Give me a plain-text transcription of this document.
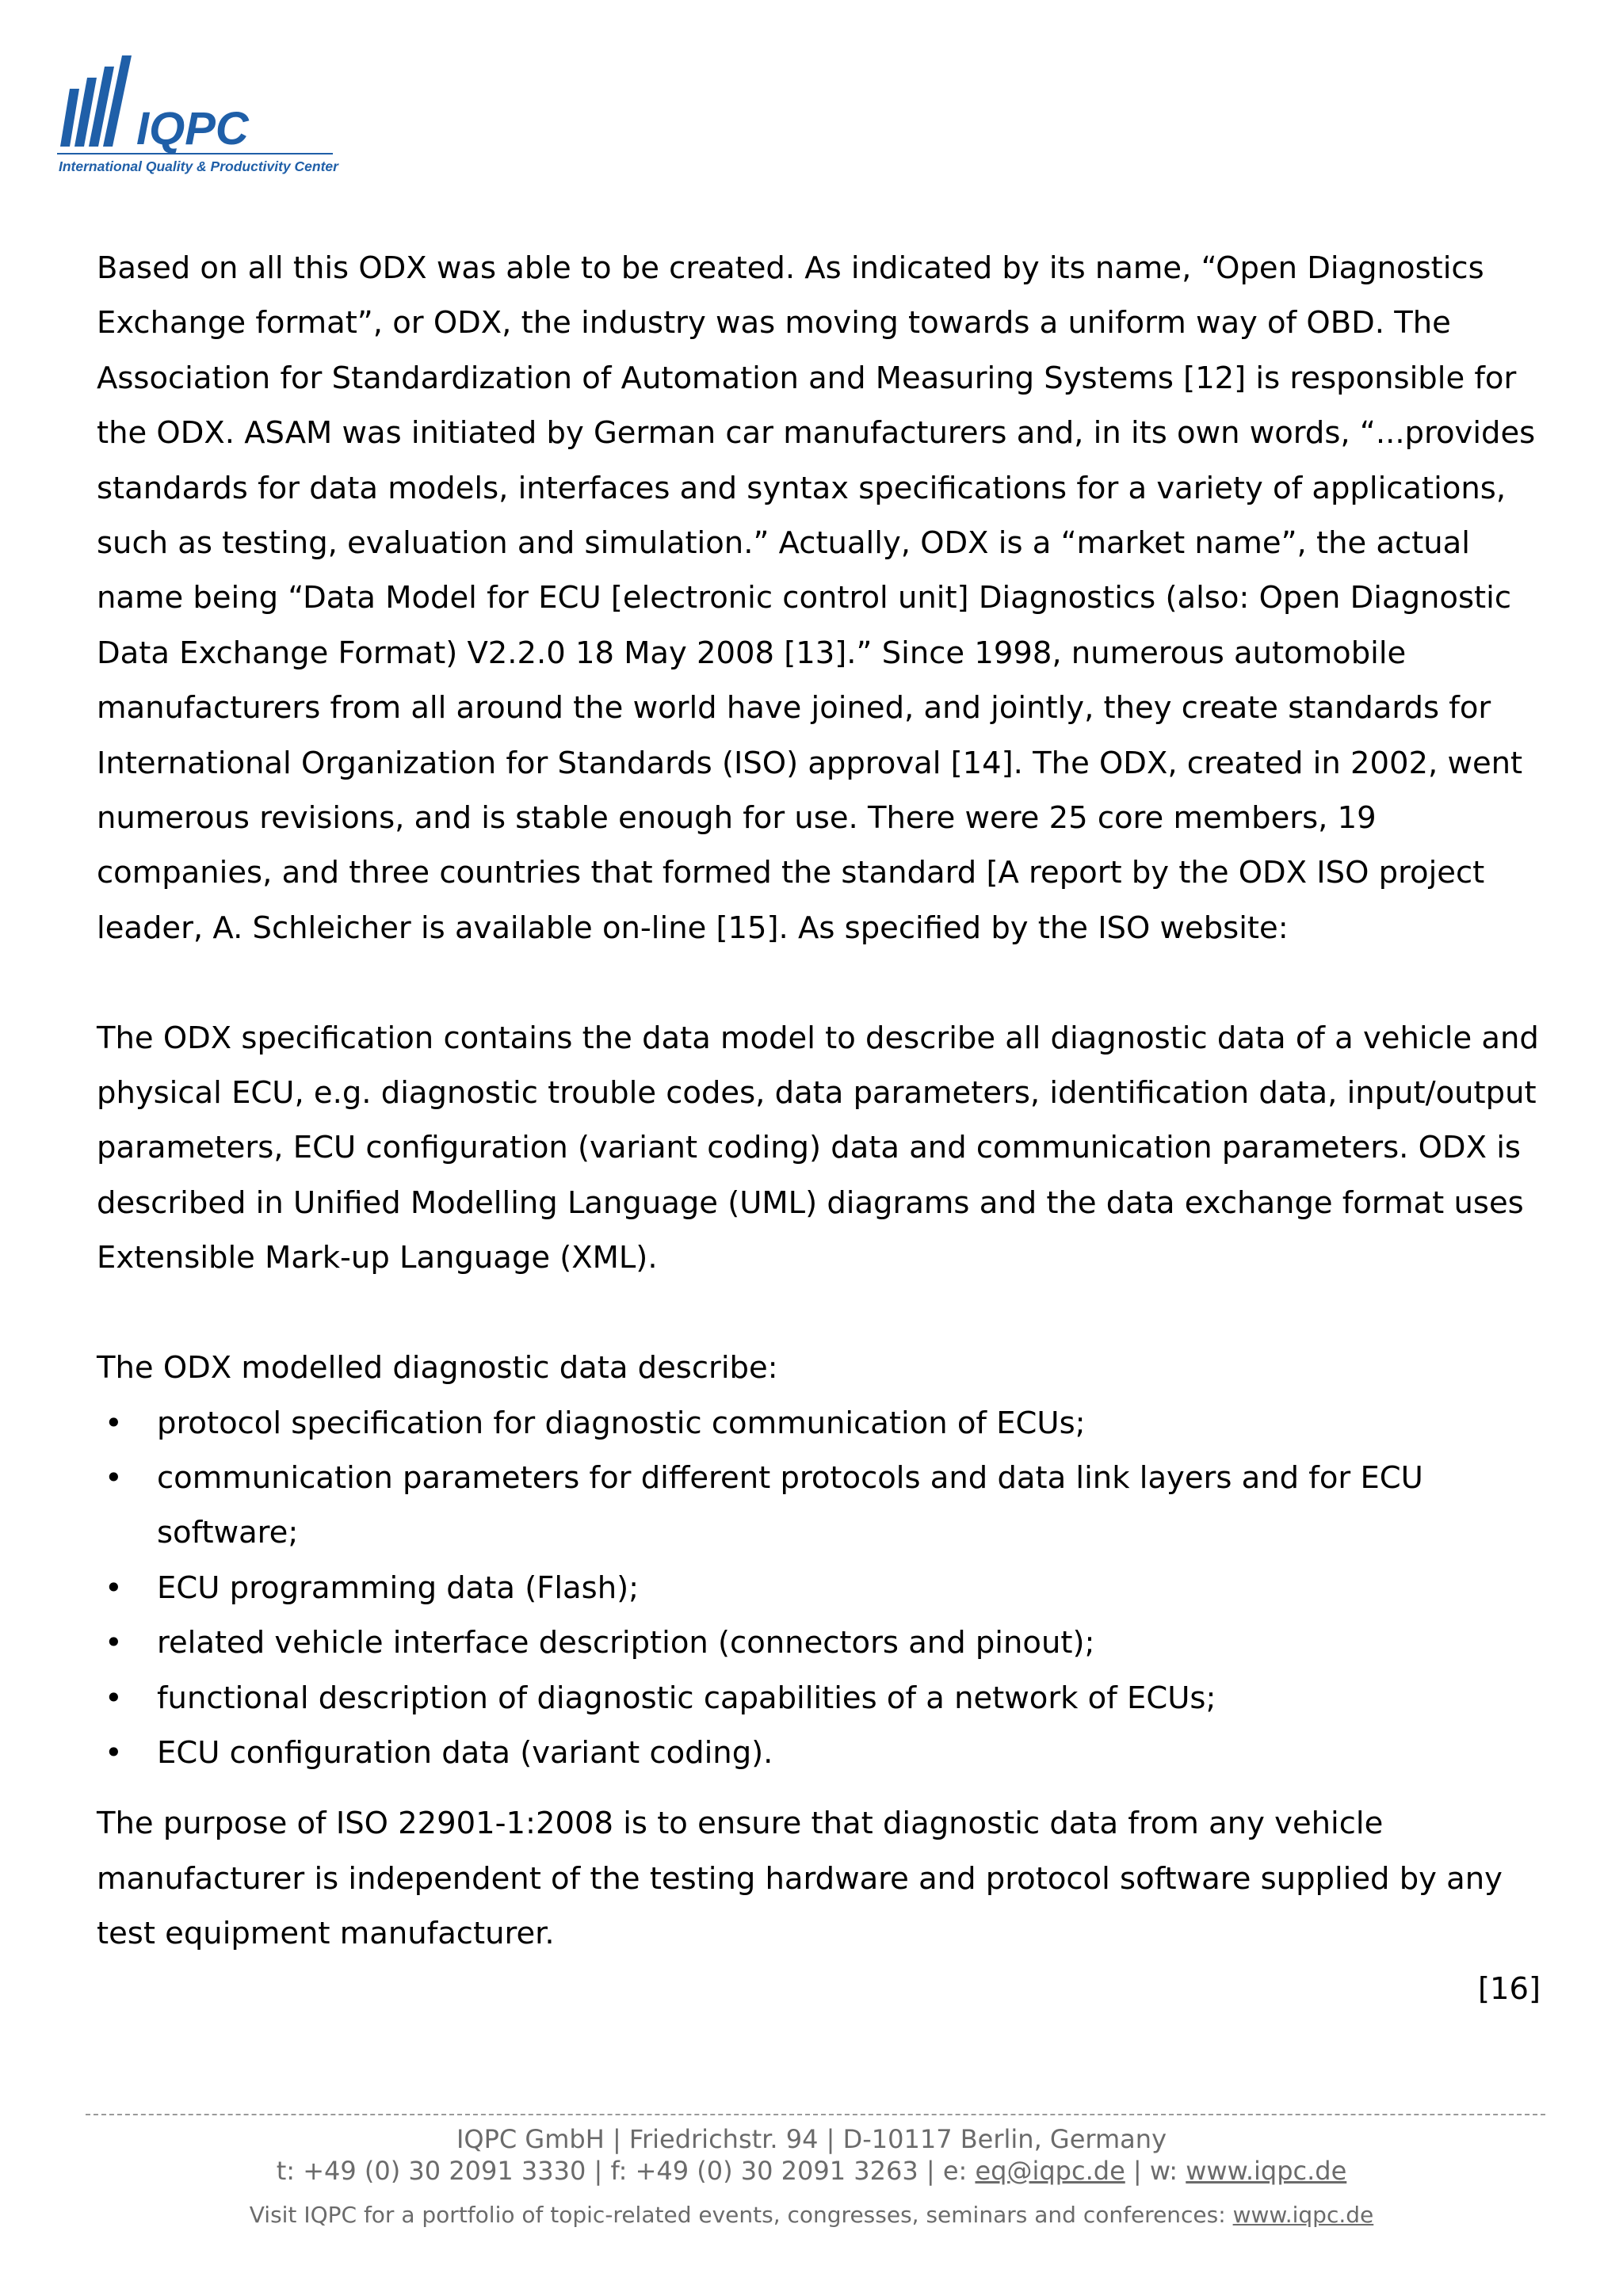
IQPC
International Quality & Productivity Center

Based on all this ODX was able to be created. As indicated by its name, “Open Diagnostics Exchange format”, or ODX, the industry was moving towards a uniform way of OBD. The Association for Standardization of Automation and Measuring Systems [12] is responsible for the ODX. ASAM was initiated by German car manufacturers and, in its own words, “...provides standards for data models, interfaces and syntax specifications for a variety of applications, such as testing, evaluation and simulation.” Actually, ODX is a “market name”, the actual name being “Data Model for ECU [electronic control unit] Diagnostics (also: Open Diagnostic Data Exchange Format) V2.2.0 18 May 2008 [13].” Since 1998, numerous automobile manufacturers from all around the world have joined, and jointly, they create standards for International Organization for Standards (ISO) approval [14]. The ODX, created in 2002, went numerous revisions, and is stable enough for use. There were 25 core members, 19 companies, and three countries that formed the standard [A report by the ODX ISO project leader, A. Schleicher is available on-line [15]. As specified by the ISO website:

The ODX specification contains the data model to describe all diagnostic data of a vehicle and physical ECU, e.g. diagnostic trouble codes, data parameters, identification data, input/output parameters, ECU configuration (variant coding) data and communication parameters. ODX is described in Unified Modelling Language (UML) diagrams and the data exchange format uses Extensible Mark-up Language (XML).

The ODX modelled diagnostic data describe:

• protocol specification for diagnostic communication of ECUs;
• communication parameters for different protocols and data link layers and for ECU software;
• ECU programming data (Flash);
• related vehicle interface description (connectors and pinout);
• functional description of diagnostic capabilities of a network of ECUs;
• ECU configuration data (variant coding).

The purpose of ISO 22901-1:2008 is to ensure that diagnostic data from any vehicle manufacturer is independent of the testing hardware and protocol software supplied by any test equipment manufacturer.

[16]

IQPC GmbH | Friedrichstr. 94 | D-10117 Berlin, Germany
t: +49 (0) 30 2091 3330 | f: +49 (0) 30 2091 3263 | e: eq@iqpc.de | w: www.iqpc.de
Visit IQPC for a portfolio of topic-related events, congresses, seminars and conferences: www.iqpc.de
